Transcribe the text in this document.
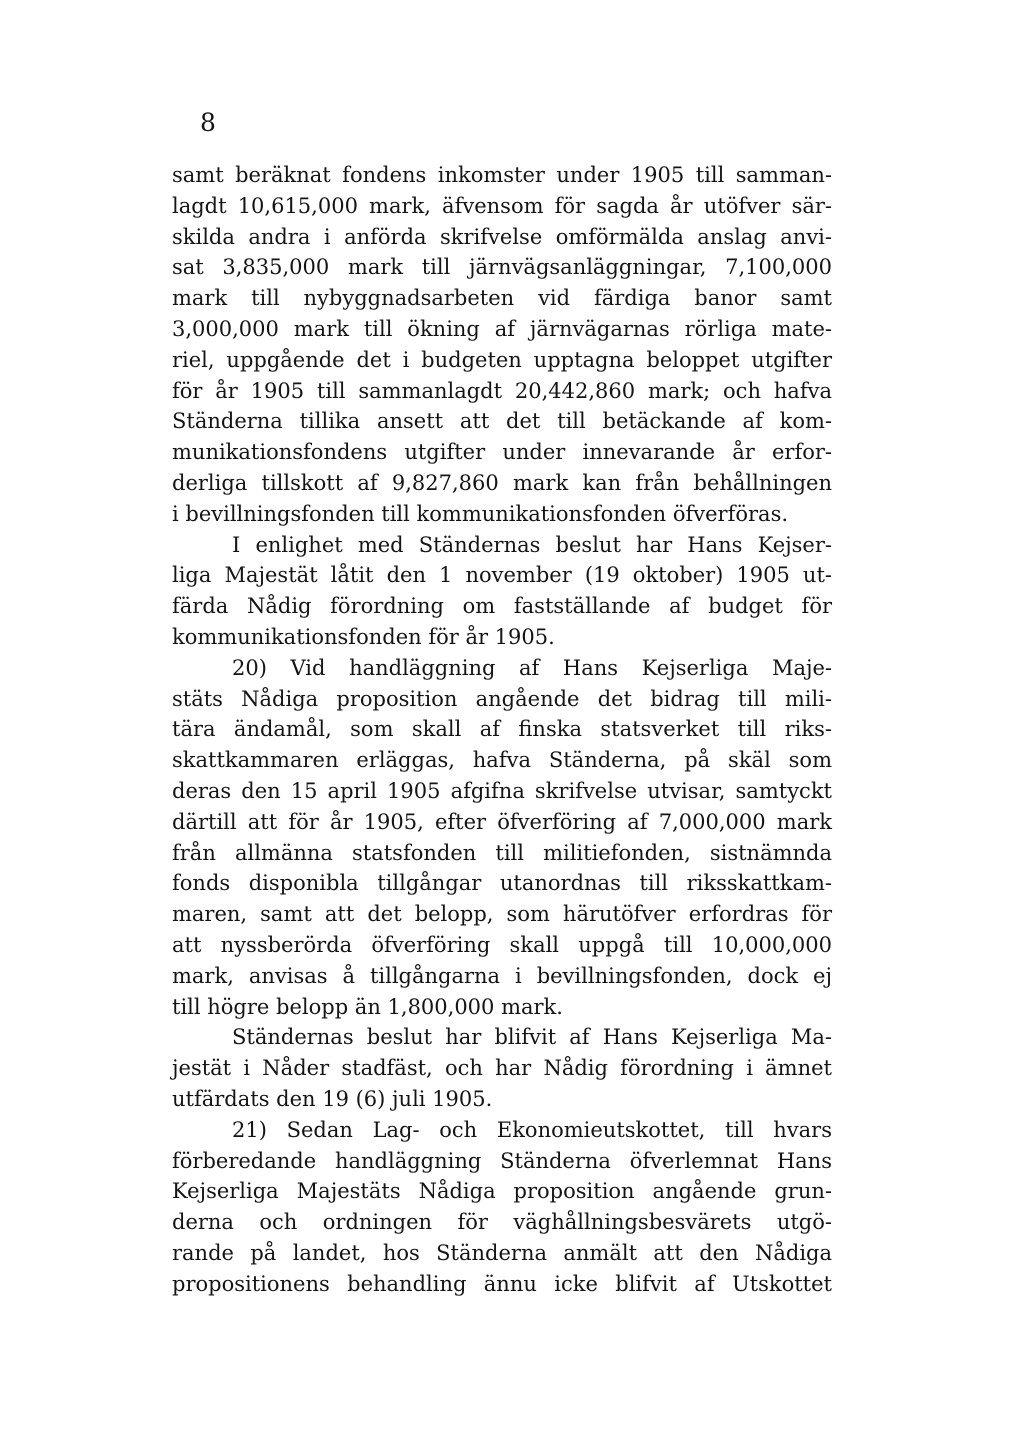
8
samt beräknat fondens inkomster under 1905 till samman-
lagdt 10,615,000 mark, äfvensom för sagda år utöfver sär-
skilda andra i anförda skrifvelse omförmälda anslag anvi-
sat 3,835,000 mark till järnvägsanläggningar, 7,100,000
mark till nybyggnadsarbeten vid färdiga banor samt
3,000,000 mark till ökning af järnvägarnas rörliga mate-
riel, uppgående det i budgeten upptagna beloppet utgifter
för år 1905 till sammanlagdt 20,442,860 mark; och hafva
Ständerna tillika ansett att det till betäckande af kom-
munikationsfondens utgifter under innevarande år erfor-
derliga tillskott af 9,827,860 mark kan från behållningen
i bevillningsfonden till kommunikationsfonden öfverföras.
I enlighet med Ständernas beslut har Hans Kejser-
liga Majestät låtit den 1 november (19 oktober) 1905 ut-
färda Nådig förordning om fastställande af budget för
kommunikationsfonden för år 1905.
20) Vid handläggning af Hans Kejserliga Maje-
stäts Nådiga proposition angående det bidrag till mili-
tära ändamål, som skall af finska statsverket till riks-
skattkammaren erläggas, hafva Ständerna, på skäl som
deras den 15 april 1905 afgifna skrifvelse utvisar, samtyckt
därtill att för år 1905, efter öfverföring af 7,000,000 mark
från allmänna statsfonden till militiefonden, sistnämnda
fonds disponibla tillgångar utanordnas till riksskattkam-
maren, samt att det belopp, som härutöfver erfordras för
att nyssberörda öfverföring skall uppgå till 10,000,000
mark, anvisas å tillgångarna i bevillningsfonden, dock ej
till högre belopp än 1,800,000 mark.
Ständernas beslut har blifvit af Hans Kejserliga Ma-
jestät i Nåder stadfäst, och har Nådig förordning i ämnet
utfärdats den 19 (6) juli 1905.
21) Sedan Lag- och Ekonomieutskottet, till hvars
förberedande handläggning Ständerna öfverlemnat Hans
Kejserliga Majestäts Nådiga proposition angående grun-
derna och ordningen för väghållningsbesvärets utgö-
rande på landet, hos Ständerna anmält att den Nådiga
propositionens behandling ännu icke blifvit af Utskottet
